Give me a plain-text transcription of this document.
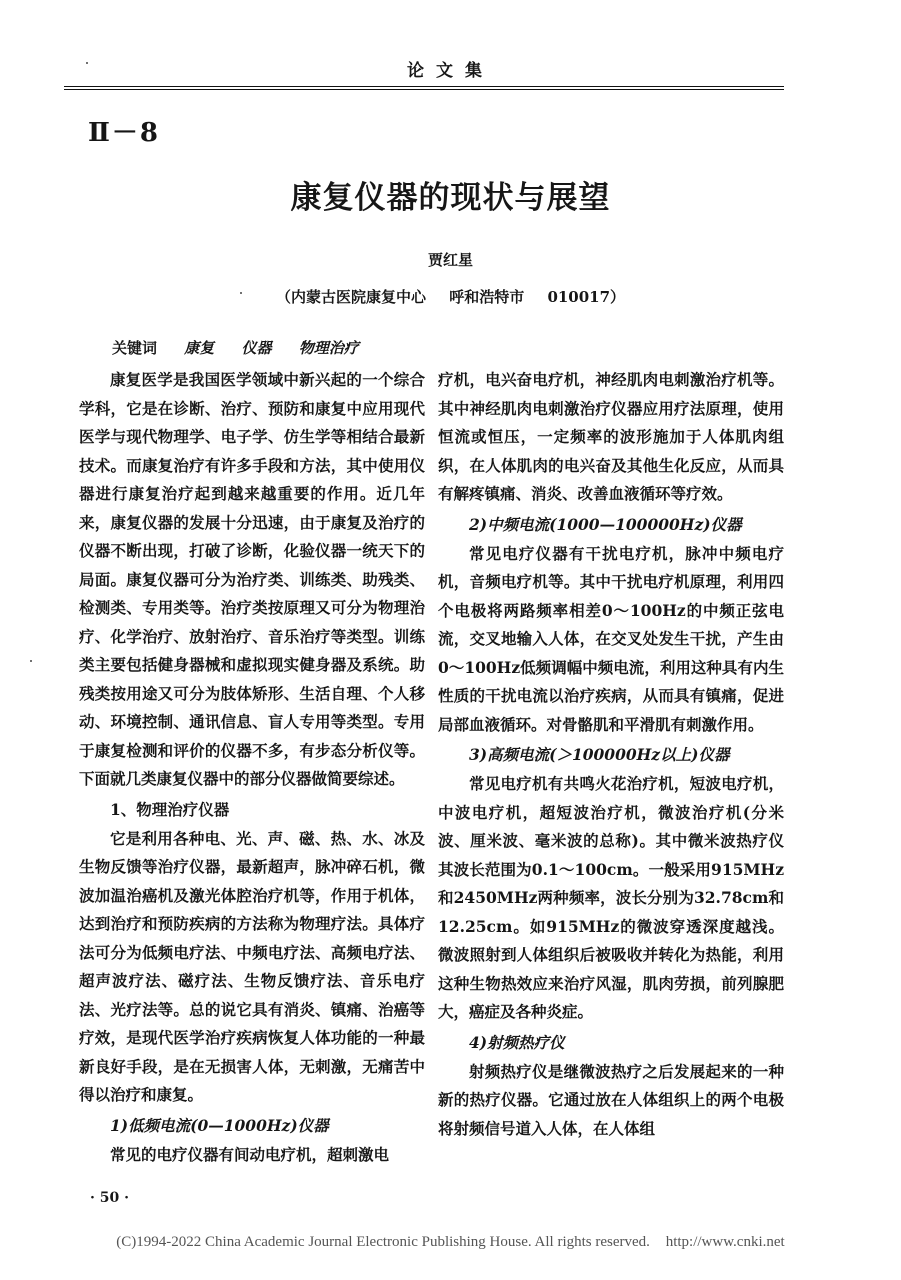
论文集
Ⅱ－8
康复仪器的现状与展望
贾红星
（内蒙古医院康复中心 呼和浩特市 010017）
关键词 康复 仪器 物理治疗

康复医学是我国医学领域中新兴起的一个综合学科，它是在诊断、治疗、预防和康复中应用现代医学与现代物理学、电子学、仿生学等相结合最新技术。而康复治疗有许多手段和方法，其中使用仪器进行康复治疗起到越来越重要的作用。近几年来，康复仪器的发展十分迅速，由于康复及治疗的仪器不断出现，打破了诊断，化验仪器一统天下的局面。康复仪器可分为治疗类、训练类、助残类、检测类、专用类等。治疗类按原理又可分为物理治疗、化学治疗、放射治疗、音乐治疗等类型。训练类主要包括健身器械和虚拟现实健身器及系统。助残类按用途又可分为肢体矫形、生活自理、个人移动、环境控制、通讯信息、盲人专用等类型。专用于康复检测和评价的仪器不多，有步态分析仪等。下面就几类康复仪器中的部分仪器做简要综述。

1、物理治疗仪器

它是利用各种电、光、声、磁、热、水、冰及生物反馈等治疗仪器，最新超声，脉冲碎石机，微波加温治癌机及激光体腔治疗机等，作用于机体，达到治疗和预防疾病的方法称为物理疗法。具体疗法可分为低频电疗法、中频电疗法、高频电疗法、超声波疗法、磁疗法、生物反馈疗法、音乐电疗法、光疗法等。总的说它具有消炎、镇痛、治癌等疗效，是现代医学治疗疾病恢复人体功能的一种最新良好手段，是在无损害人体，无刺激，无痛苦中得以治疗和康复。

1)低频电流(0—1000Hz)仪器

常见的电疗仪器有间动电疗机，超刺激电

疗机，电兴奋电疗机，神经肌肉电刺激治疗机等。其中神经肌肉电刺激治疗仪器应用疗法原理，使用恒流或恒压，一定频率的波形施加于人体肌肉组织，在人体肌肉的电兴奋及其他生化反应，从而具有解疼镇痛、消炎、改善血液循环等疗效。

2)中频电流(1000—100000Hz)仪器

常见电疗仪器有干扰电疗机，脉冲中频电疗机，音频电疗机等。其中干扰电疗机原理，利用四个电极将两路频率相差0～100Hz的中频正弦电流，交叉地输入人体，在交叉处发生干扰，产生由0～100Hz低频调幅中频电流，利用这种具有内生性质的干扰电流以治疗疾病，从而具有镇痛，促进局部血液循环。对骨骼肌和平滑肌有刺激作用。

3)高频电流(＞100000Hz以上)仪器

常见电疗机有共鸣火花治疗机，短波电疗机，中波电疗机，超短波治疗机，微波治疗机(分米波、厘米波、毫米波的总称)。其中微米波热疗仪其波长范围为0.1～100cm。一般采用915MHz和2450MHz两种频率，波长分别为32.78cm和12.25cm。如915MHz的微波穿透深度越浅。微波照射到人体组织后被吸收并转化为热能，利用这种生物热效应来治疗风湿，肌肉劳损，前列腺肥大，癌症及各种炎症。

4)射频热疗仪

射频热疗仪是继微波热疗之后发展起来的一种新的热疗仪器。它通过放在人体组织上的两个电极将射频信号道入人体，在人体组

· 50 ·
(C)1994-2022 China Academic Journal Electronic Publishing House. All rights reserved. http://www.cnki.net
